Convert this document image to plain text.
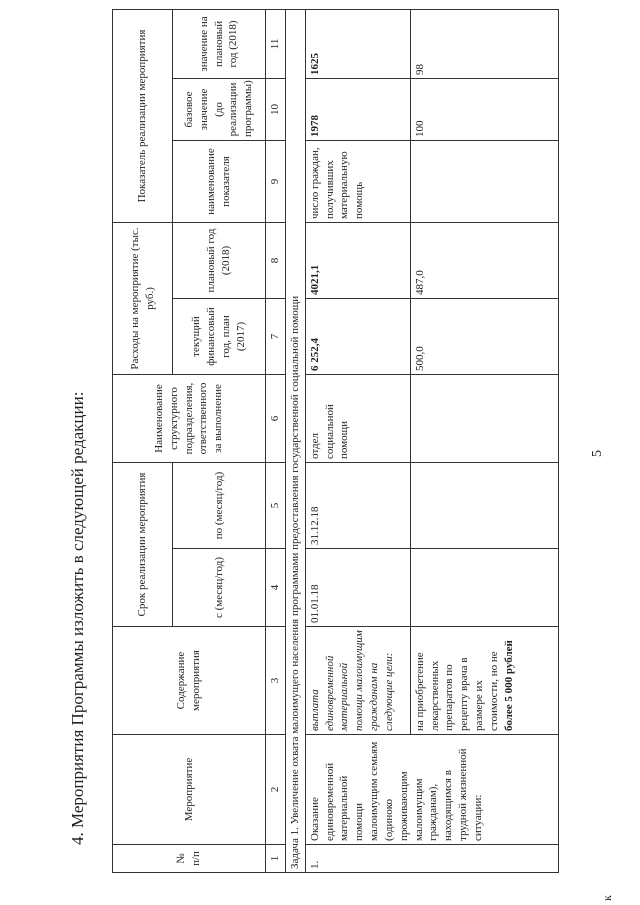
4. Мероприятия Программы изложить в следующей редакции:
№ п/п	Мероприятие	Содержание мероприятия	Срок реализации мероприятия		Наименование структурного подразделения, ответственного за выполнение	Расходы на мероприятие (тыс. руб.)		Показатель реализации мероприятия		
			с (месяц/год)	по (месяц/год)		текущий финансовый год, план (2017)	плановый год (2018)	наименование показателя	базовое значение (до реализации программы)	значение на плановый год (2018)
1	2	3	4	5	6	7	8	9	10	11
Задача 1. Увеличение охвата малоимущего населения программами предоставления государственной социальной помощи										
1.	Оказание единовременной материальной помощи малоимущим семьям (одиноко проживающим малоимущим гражданам), находящимся в трудной жизненной ситуации:	выплата единовременной материальной помощи малоимущим гражданам на следующие цели:	01.01.18	31.12.18	отдел социальной помощи	6 252,4	4021,1	число граждан, получивших материальную помощь	1978	1625
		на приобретение лекарственных препаратов по рецепту врача в размере их стоимости, но не более 5 000 рублей				500,0	487,0		100	98
5
к
